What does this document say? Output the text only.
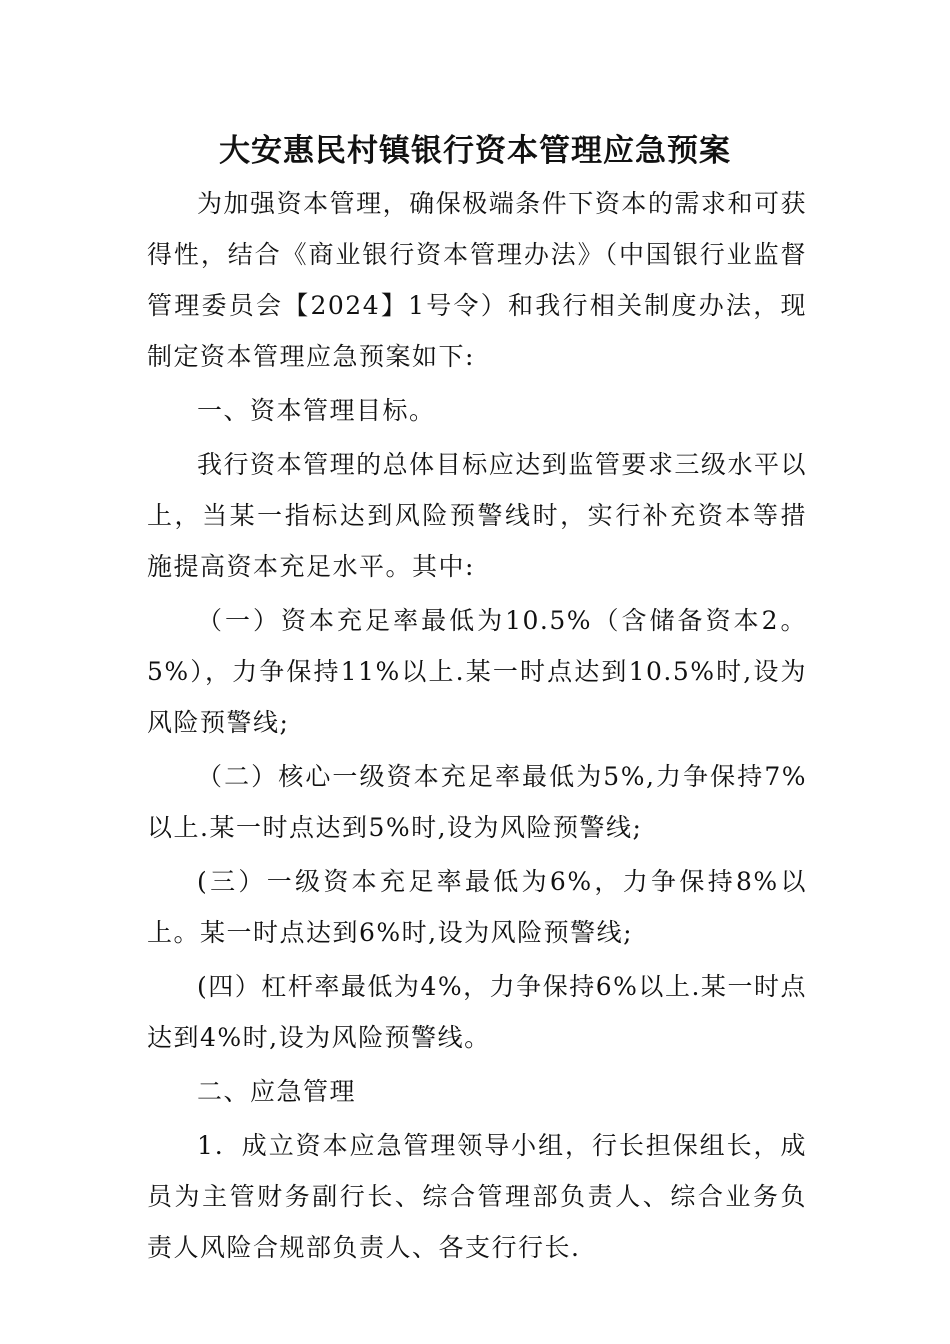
大安惠民村镇银行资本管理应急预案

为加强资本管理，确保极端条件下资本的需求和可获得性，结合《商业银行资本管理办法》（中国银行业监督管理委员会【2024】1号令）和我行相关制度办法，现制定资本管理应急预案如下:

一、资本管理目标。

我行资本管理的总体目标应达到监管要求三级水平以上，当某一指标达到风险预警线时，实行补充资本等措施提高资本充足水平。其中:

（一）资本充足率最低为10.5%（含储备资本2。5%），力争保持11%以上.某一时点达到10.5%时,设为风险预警线;

（二）核心一级资本充足率最低为5%,力争保持7%以上.某一时点达到5%时,设为风险预警线;

(三）一级资本充足率最低为6%，力争保持8%以上。某一时点达到6%时,设为风险预警线;

(四）杠杆率最低为4%，力争保持6%以上.某一时点达到4%时,设为风险预警线。

二、应急管理

1．成立资本应急管理领导小组，行长担保组长，成员为主管财务副行长、综合管理部负责人、综合业务负责人风险合规部负责人、各支行行长.
